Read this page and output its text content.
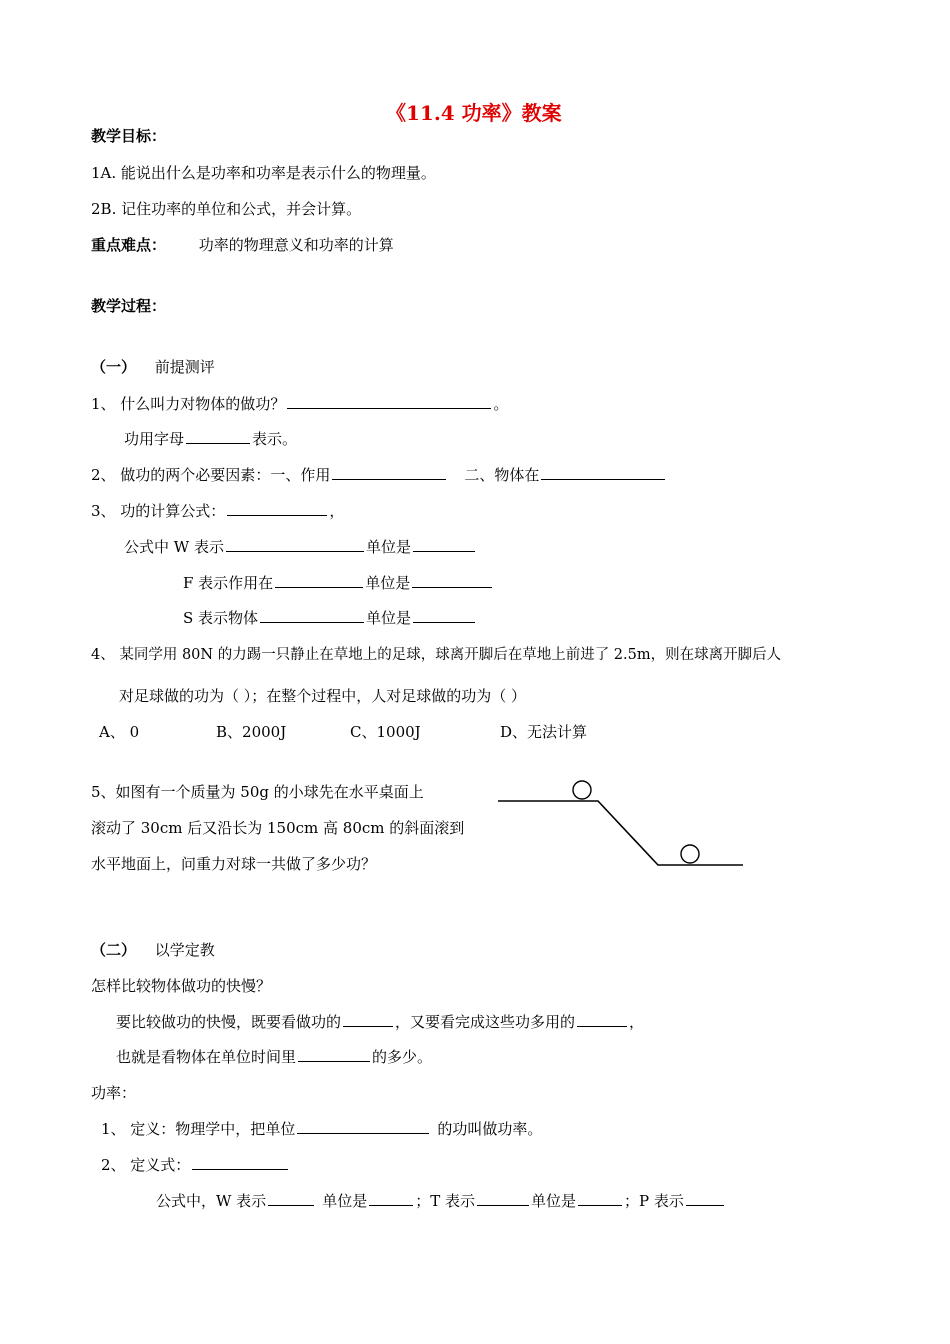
《11.4 功率》教案
教学目标：
1A. 能说出什么是功率和功率是表示什么的物理量。
2B. 记住功率的单位和公式，并会计算。
重点难点： 功率的物理意义和功率的计算
教学过程：
（一） 前提测评
1、 什么叫力对物体的做功？	。
功用字母	表示。
2、 做功的两个必要因素：一、作用	二、物体在
3、 功的计算公式：	，
公式中 W 表示	单位是
F 表示作用在	单位是
S 表示物体	单位是
4、 某同学用 80N 的力踢一只静止在草地上的足球，球离开脚后在草地上前进了 2.5m，则在球离开脚后人
对足球做的功为（ ）；在整个过程中，人对足球做的功为（ ）
A、 0	B、2000J	C、1000J	D、无法计算
5、如图有一个质量为 50g 的小球先在水平桌面上
滚动了 30cm 后又沿长为 150cm 高 80cm 的斜面滚到
水平地面上，问重力对球一共做了多少功？
（二） 以学定教
怎样比较物体做功的快慢？
要比较做功的快慢，既要看做功的	，又要看完成这些功多用的	，
也就是看物体在单位时间里	的多少。
功率：
1、 定义：物理学中，把单位	的功叫做功率。
2、 定义式：
公式中，W 表示	单位是	；T 表示	单位是	；P 表示
